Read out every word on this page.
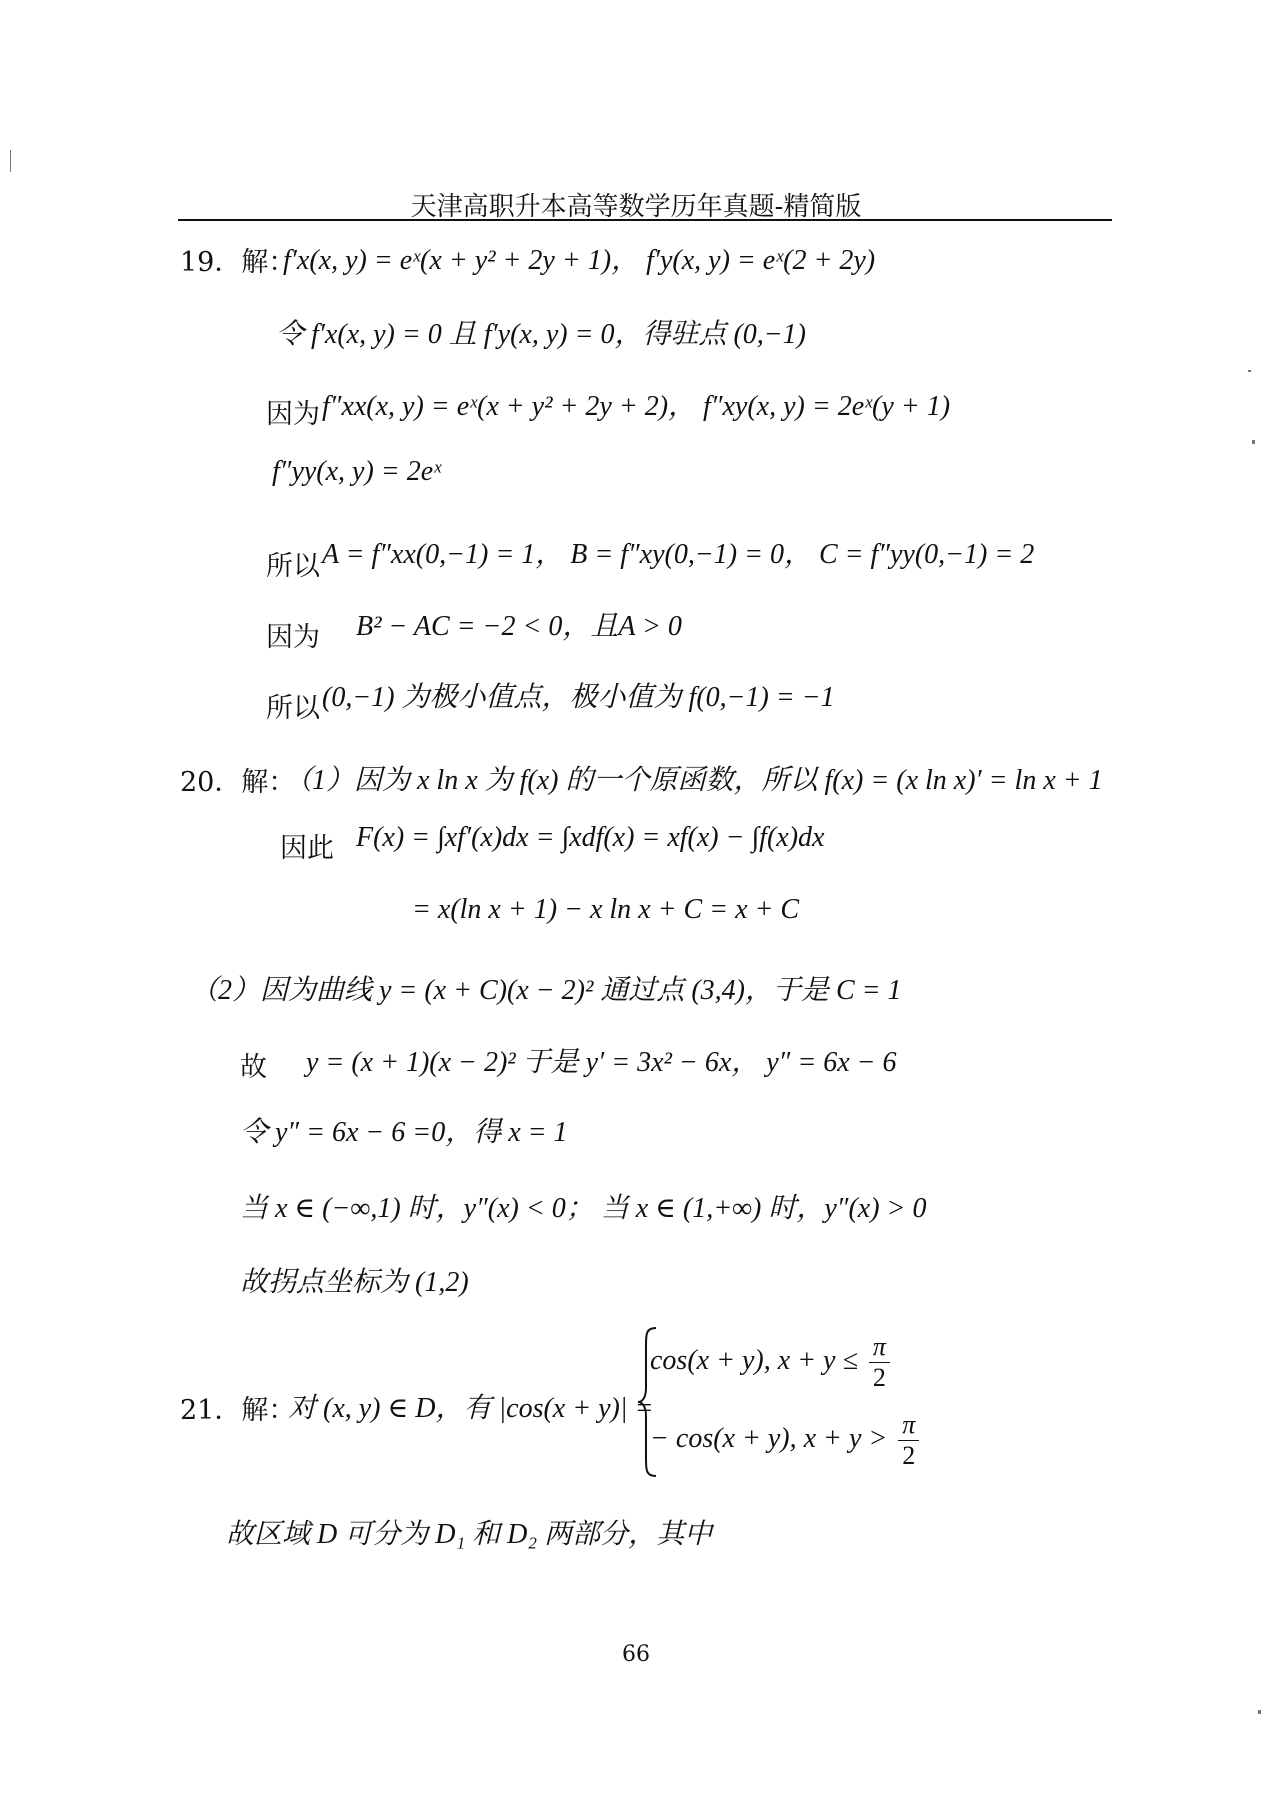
天津高职升本高等数学历年真题-精简版
19．解：
f′x(x, y) = eˣ(x + y² + 2y + 1)， f′y(x, y) = eˣ(2 + 2y)
令 f′x(x, y) = 0 且 f′y(x, y) = 0，得驻点 (0,−1)
因为 f″xx(x, y) = eˣ(x + y² + 2y + 2)， f″xy(x, y) = 2eˣ(y + 1)
f″yy(x, y) = 2eˣ
所以 A = f″xx(0,−1) = 1， B = f″xy(0,−1) = 0， C = f″yy(0,−1) = 2
因为 B² − AC = −2 < 0，且A > 0
所以 (0,−1) 为极小值点，极小值为 f(0,−1) = −1
20．解：
（1）因为 x ln x 为 f(x) 的一个原函数，所以 f(x) = (x ln x)′ = ln x + 1
因此 F(x) = ∫xf′(x)dx = ∫xdf(x) = xf(x) − ∫f(x)dx
= x(ln x + 1) − x ln x + C = x + C
（2）因为曲线 y = (x + C)(x − 2)² 通过点 (3,4)，于是 C = 1
故 y = (x + 1)(x − 2)² 于是 y′ = 3x² − 6x， y″ = 6x − 6
令 y″ = 6x − 6 =0，得 x = 1
当 x ∈ (−∞,1) 时，y″(x) < 0； 当 x ∈ (1,+∞) 时，y″(x) > 0
故拐点坐标为 (1,2)
21．解：
对 (x, y) ∈ D，有 |cos(x + y)| =
cos(x + y), $x + y \le \frac{\pi}{2}$
− cos(x + y), $x + y > \frac{\pi}{2}$
故区域 D 可分为 D₁ 和 D₂ 两部分，其中
66
